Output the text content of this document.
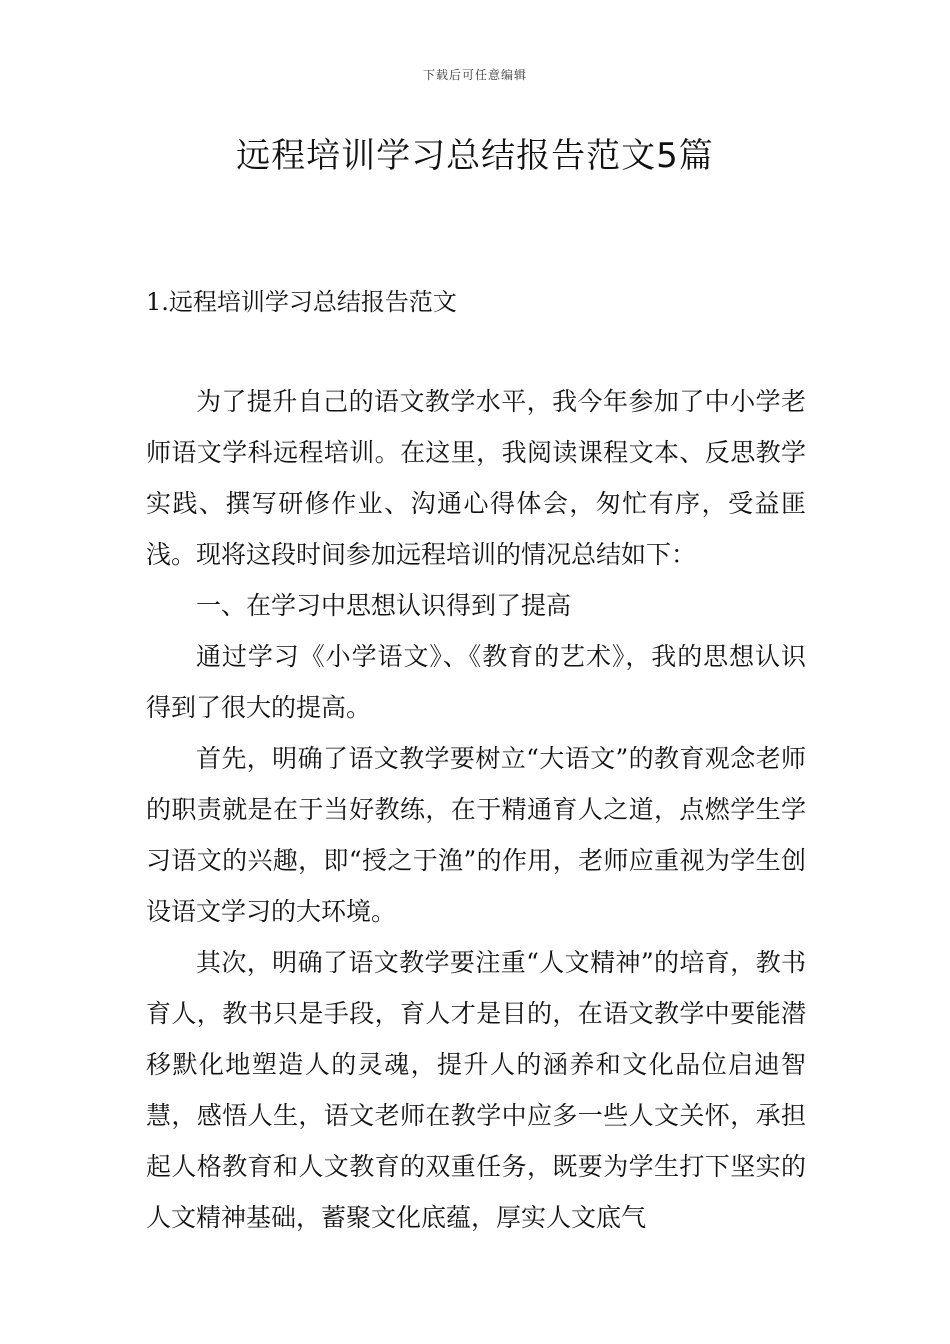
下载后可任意编辑
远程培训学习总结报告范文5篇
1.远程培训学习总结报告范文

为了提升自己的语文教学水平，我今年参加了中小学老师语文学科远程培训。在这里，我阅读课程文本、反思教学实践、撰写研修作业、沟通心得体会，匆忙有序，受益匪浅。现将这段时间参加远程培训的情况总结如下：

一、在学习中思想认识得到了提高

通过学习《小学语文》、《教育的艺术》，我的思想认识得到了很大的提高。

首先，明确了语文教学要树立“大语文”的教育观念老师的职责就是在于当好教练，在于精通育人之道，点燃学生学习语文的兴趣，即“授之于渔”的作用，老师应重视为学生创设语文学习的大环境。

其次，明确了语文教学要注重“人文精神”的培育，教书育人，教书只是手段，育人才是目的，在语文教学中要能潜移默化地塑造人的灵魂，提升人的涵养和文化品位启迪智慧，感悟人生，语文老师在教学中应多一些人文关怀，承担起人格教育和人文教育的双重任务，既要为学生打下坚实的人文精神基础，蓄聚文化底蕴，厚实人文底气
